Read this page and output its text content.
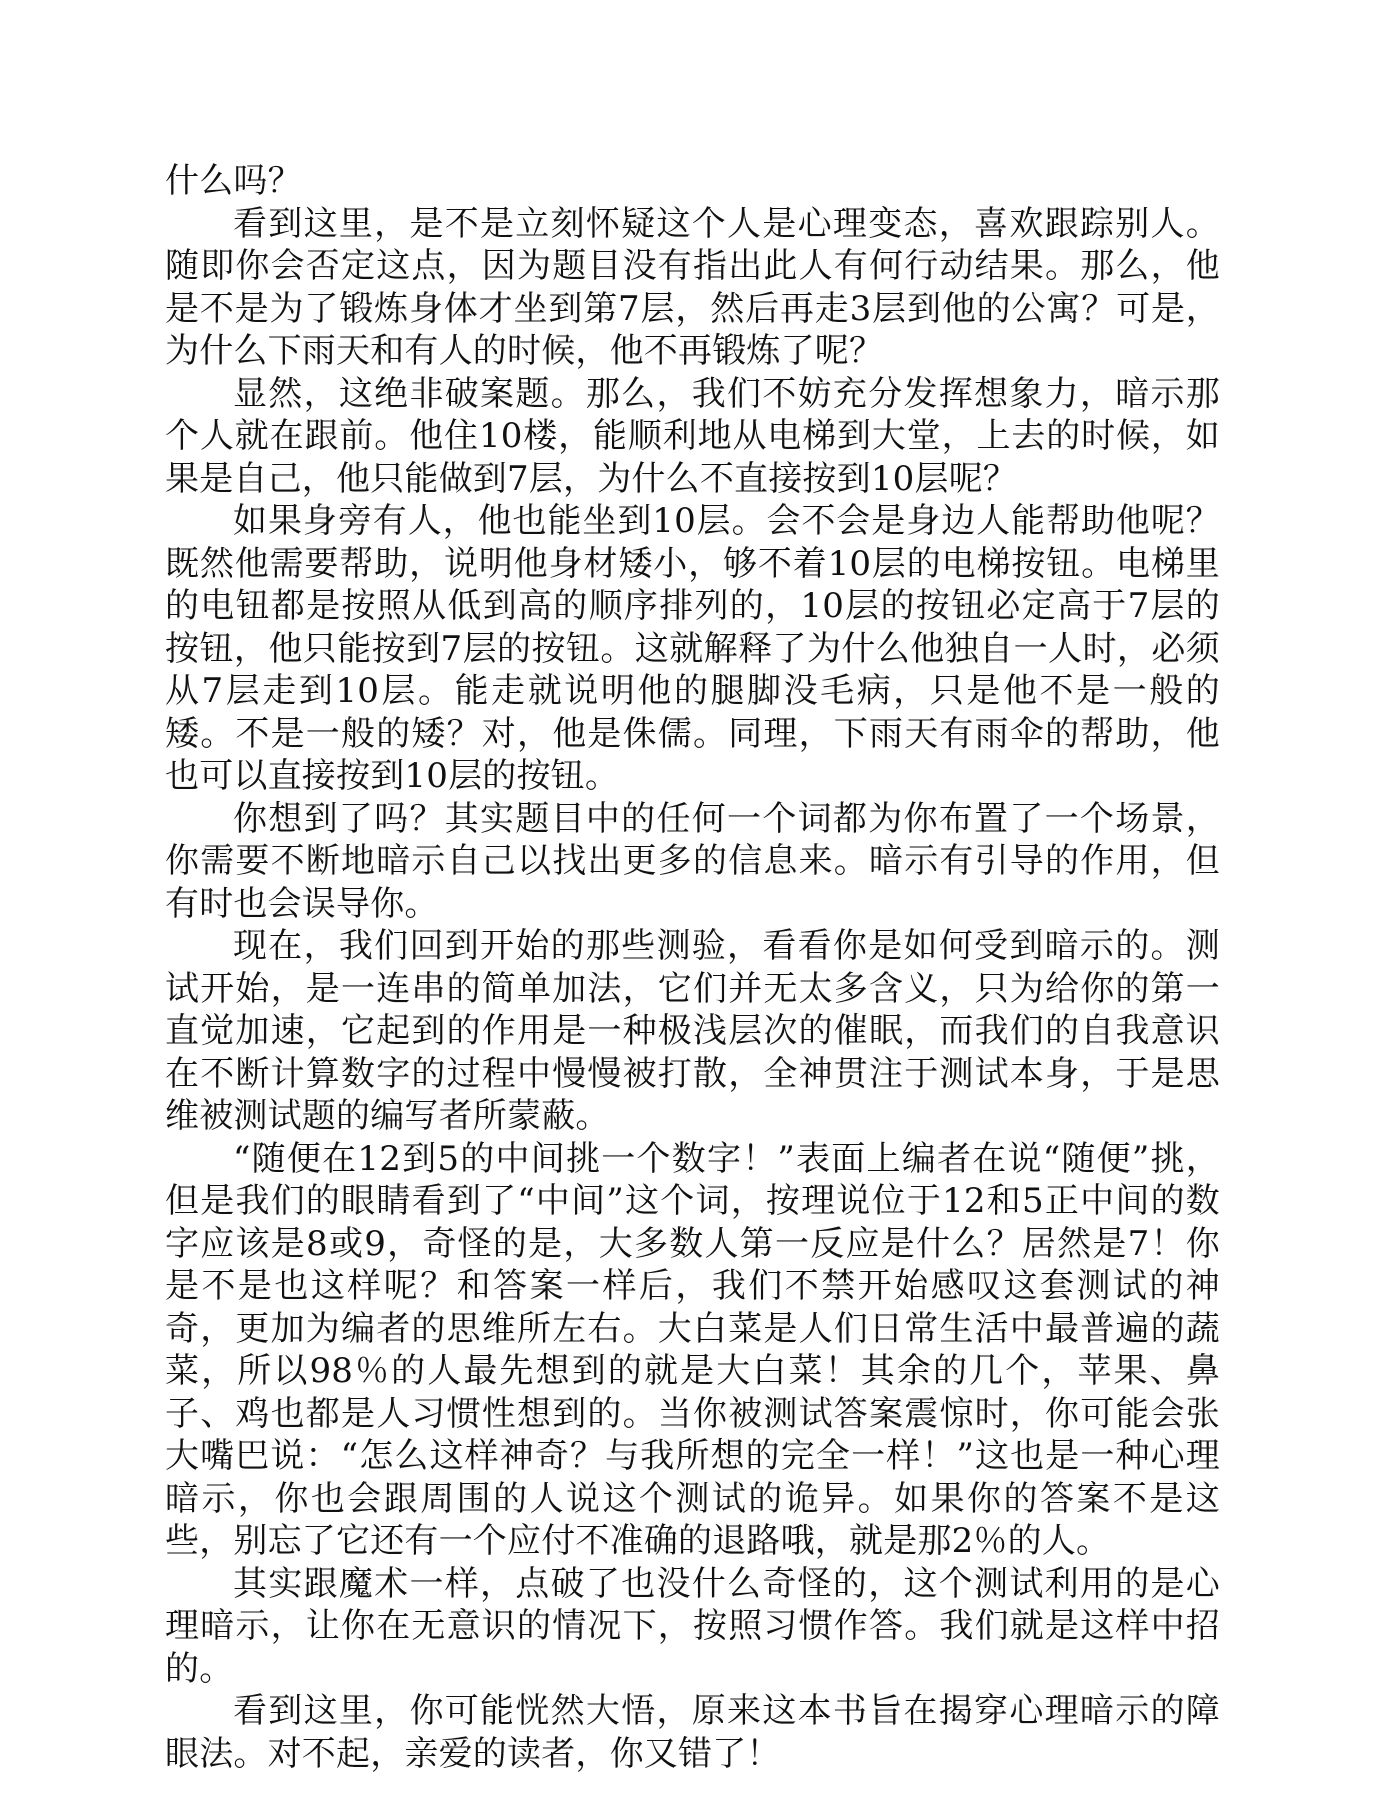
什么吗？

看到这里，是不是立刻怀疑这个人是心理变态，喜欢跟踪别人。随即你会否定这点，因为题目没有指出此人有何行动结果。那么，他是不是为了锻炼身体才坐到第7层，然后再走3层到他的公寓？可是，为什么下雨天和有人的时候，他不再锻炼了呢？

显然，这绝非破案题。那么，我们不妨充分发挥想象力，暗示那个人就在跟前。他住10楼，能顺利地从电梯到大堂，上去的时候，如果是自己，他只能做到7层，为什么不直接按到10层呢？

如果身旁有人，他也能坐到10层。会不会是身边人能帮助他呢？既然他需要帮助，说明他身材矮小，够不着10层的电梯按钮。电梯里的电钮都是按照从低到高的顺序排列的，10层的按钮必定高于7层的按钮，他只能按到7层的按钮。这就解释了为什么他独自一人时，必须从7层走到10层。能走就说明他的腿脚没毛病，只是他不是一般的矮。不是一般的矮？对，他是侏儒。同理，下雨天有雨伞的帮助，他也可以直接按到10层的按钮。

你想到了吗？其实题目中的任何一个词都为你布置了一个场景，你需要不断地暗示自己以找出更多的信息来。暗示有引导的作用，但有时也会误导你。

现在，我们回到开始的那些测验，看看你是如何受到暗示的。测试开始，是一连串的简单加法，它们并无太多含义，只为给你的第一直觉加速，它起到的作用是一种极浅层次的催眠，而我们的自我意识在不断计算数字的过程中慢慢被打散，全神贯注于测试本身，于是思维被测试题的编写者所蒙蔽。

“随便在12到5的中间挑一个数字！”表面上编者在说“随便”挑，但是我们的眼睛看到了“中间”这个词，按理说位于12和5正中间的数字应该是8或9，奇怪的是，大多数人第一反应是什么？居然是7！你是不是也这样呢？和答案一样后，我们不禁开始感叹这套测试的神奇，更加为编者的思维所左右。大白菜是人们日常生活中最普遍的蔬菜，所以98％的人最先想到的就是大白菜！其余的几个，苹果、鼻子、鸡也都是人习惯性想到的。当你被测试答案震惊时，你可能会张大嘴巴说：“怎么这样神奇？与我所想的完全一样！”这也是一种心理暗示，你也会跟周围的人说这个测试的诡异。如果你的答案不是这些，别忘了它还有一个应付不准确的退路哦，就是那2％的人。

其实跟魔术一样，点破了也没什么奇怪的，这个测试利用的是心理暗示，让你在无意识的情况下，按照习惯作答。我们就是这样中招的。

看到这里，你可能恍然大悟，原来这本书旨在揭穿心理暗示的障眼法。对不起，亲爱的读者，你又错了！
